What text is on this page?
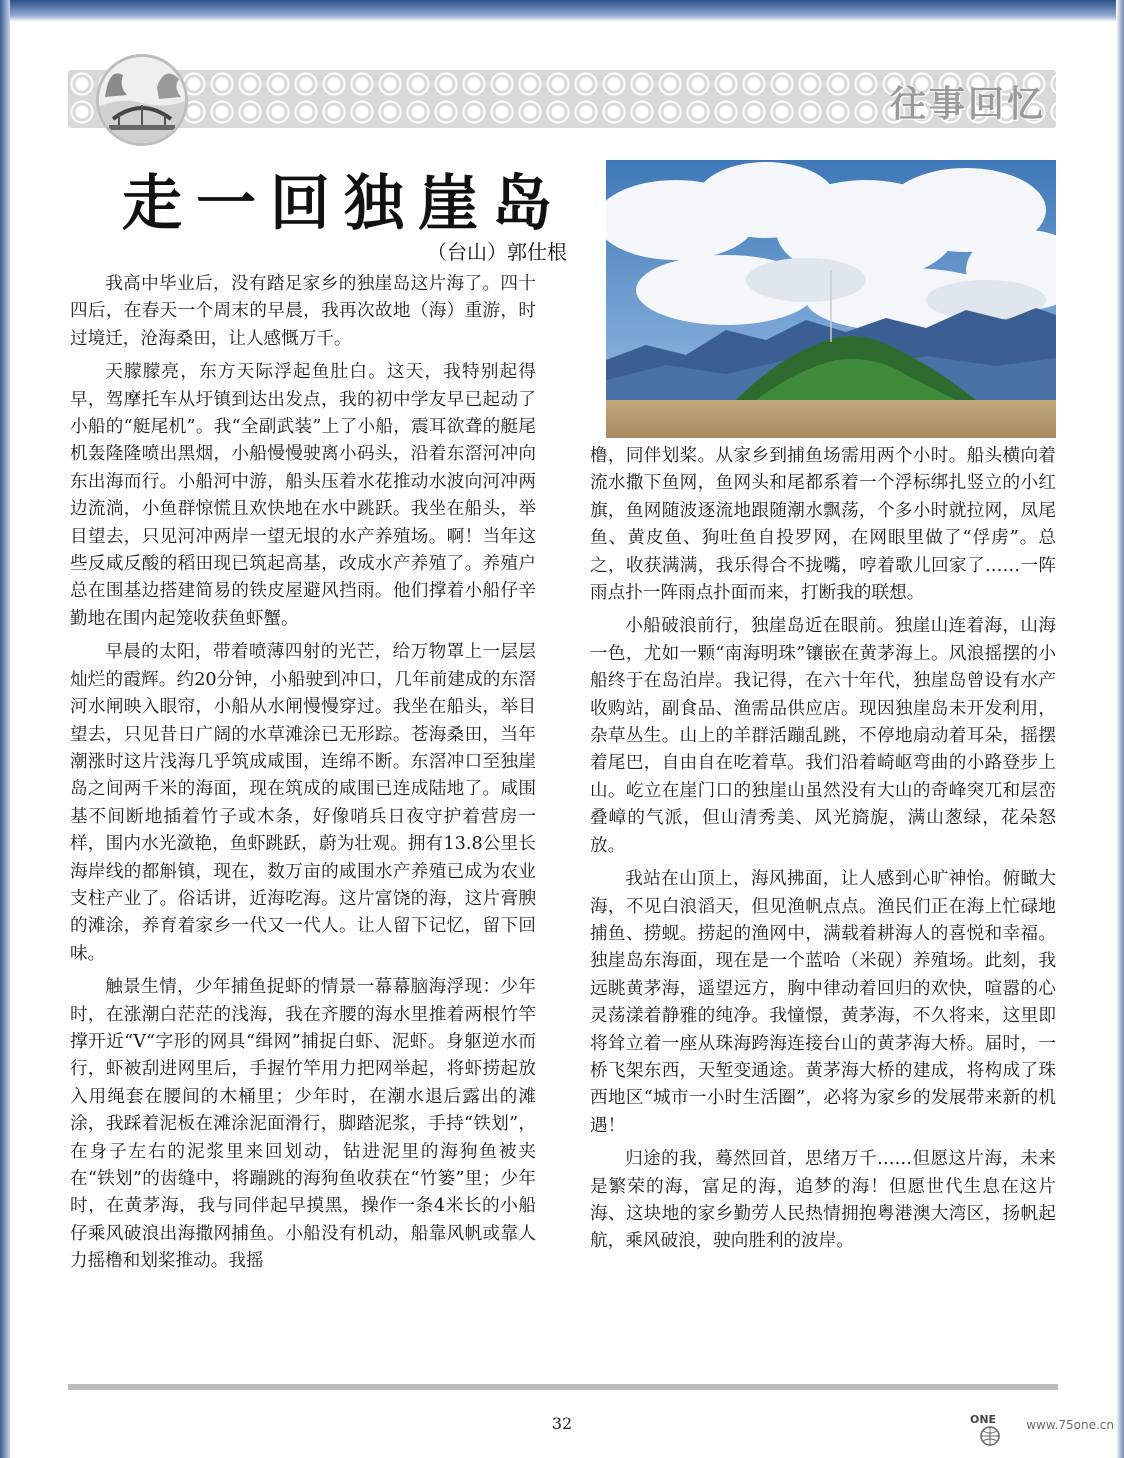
往事回忆
走一回独崖岛
（台山）郭仕根

我高中毕业后，没有踏足家乡的独崖岛这片海了。四十四后，在春天一个周末的早晨，我再次故地（海）重游，时过境迁，沧海桑田，让人感慨万千。

天朦朦亮，东方天际浮起鱼肚白。这天，我特别起得早，驾摩托车从圩镇到达出发点，我的初中学友早已起动了小船的“艇尾机”。我“全副武装”上了小船，震耳欲聋的艇尾机轰隆隆喷出黑烟，小船慢慢驶离小码头，沿着东滘河冲向东出海而行。小船河中游，船头压着水花推动水波向河冲两边流淌，小鱼群惊慌且欢快地在水中跳跃。我坐在船头，举目望去，只见河冲两岸一望无垠的水产养殖场。啊！当年这些反咸反酸的稻田现已筑起高基，改成水产养殖了。养殖户总在围基边搭建简易的铁皮屋避风挡雨。他们撑着小船仔辛勤地在围内起笼收获鱼虾蟹。

早晨的太阳，带着喷薄四射的光芒，给万物罩上一层层灿烂的霞辉。约20分钟，小船驶到冲口，几年前建成的东滘河水闸映入眼帘，小船从水闸慢慢穿过。我坐在船头，举目望去，只见昔日广阔的水草滩涂已无形踪。苍海桑田，当年潮涨时这片浅海几乎筑成咸围，连绵不断。东滘冲口至独崖岛之间两千米的海面，现在筑成的咸围已连成陆地了。咸围基不间断地插着竹子或木条，好像哨兵日夜守护着营房一样，围内水光潋艳，鱼虾跳跃，蔚为壮观。拥有13.8公里长海岸线的都斛镇，现在，数万亩的咸围水产养殖已成为农业支柱产业了。俗话讲，近海吃海。这片富饶的海，这片膏腴的滩涂，养育着家乡一代又一代人。让人留下记忆，留下回味。

触景生情，少年捕鱼捉虾的情景一幕幕脑海浮现：少年时，在涨潮白茫茫的浅海，我在齐腰的海水里推着两根竹竿撑开近“V“字形的网具“缉网”捕捉白虾、泥虾。身躯逆水而行，虾被刮进网里后，手握竹竿用力把网举起，将虾捞起放入用绳套在腰间的木桶里；少年时，在潮水退后露出的滩涂，我踩着泥板在滩涂泥面滑行，脚踏泥浆，手持“铁划”，在身子左右的泥浆里来回划动，钻进泥里的海狗鱼被夹在“铁划”的齿缝中，将蹦跳的海狗鱼收获在“竹篓”里；少年时，在黄茅海，我与同伴起早摸黑，操作一条4米长的小船仔乘风破浪出海撒网捕鱼。小船没有机动，船靠风帆或靠人力摇橹和划桨推动。我摇

橹，同伴划桨。从家乡到捕鱼场需用两个小时。船头横向着流水撒下鱼网，鱼网头和尾都系着一个浮标绑扎竖立的小红旗，鱼网随波逐流地跟随潮水飘荡，个多小时就拉网，凤尾鱼、黄皮鱼、狗吐鱼自投罗网，在网眼里做了“俘虏”。总之，收获满满，我乐得合不拢嘴，哼着歌儿回家了……一阵雨点扑一阵雨点扑面而来，打断我的联想。

小船破浪前行，独崖岛近在眼前。独崖山连着海，山海一色，尤如一颗“南海明珠”镶嵌在黄茅海上。风浪摇摆的小船终于在岛泊岸。我记得，在六十年代，独崖岛曾设有水产收购站，副食品、渔需品供应店。现因独崖岛未开发利用，杂草丛生。山上的羊群活蹦乱跳，不停地扇动着耳朵，摇摆着尾巴，自由自在吃着草。我们沿着崎岖弯曲的小路登步上山。屹立在崖门口的独崖山虽然没有大山的奇峰突兀和层峦叠嶂的气派，但山清秀美、风光旖旎，满山葱绿，花朵怒放。

我站在山顶上，海风拂面，让人感到心旷神怡。俯瞰大海，不见白浪滔天，但见渔帆点点。渔民们正在海上忙碌地捕鱼、捞蚬。捞起的渔网中，满载着耕海人的喜悦和幸福。独崖岛东海面，现在是一个蓝哈（米砚）养殖场。此刻，我远眺黄茅海，遥望远方，胸中律动着回归的欢快，喧嚣的心灵荡漾着静雅的纯净。我憧憬，黄茅海，不久将来，这里即将耸立着一座从珠海跨海连接台山的黄茅海大桥。届时，一桥飞架东西，天堑变通途。黄茅海大桥的建成，将构成了珠西地区“城市一小时生活圈”，必将为家乡的发展带来新的机遇！

归途的我，蓦然回首，思绪万千……但愿这片海，未来是繁荣的海，富足的海，追梦的海！但愿世代生息在这片海、这块地的家乡勤劳人民热情拥抱粤港澳大湾区，扬帆起航，乘风破浪，驶向胜利的波岸。

32	ONE	www.75one.cn
